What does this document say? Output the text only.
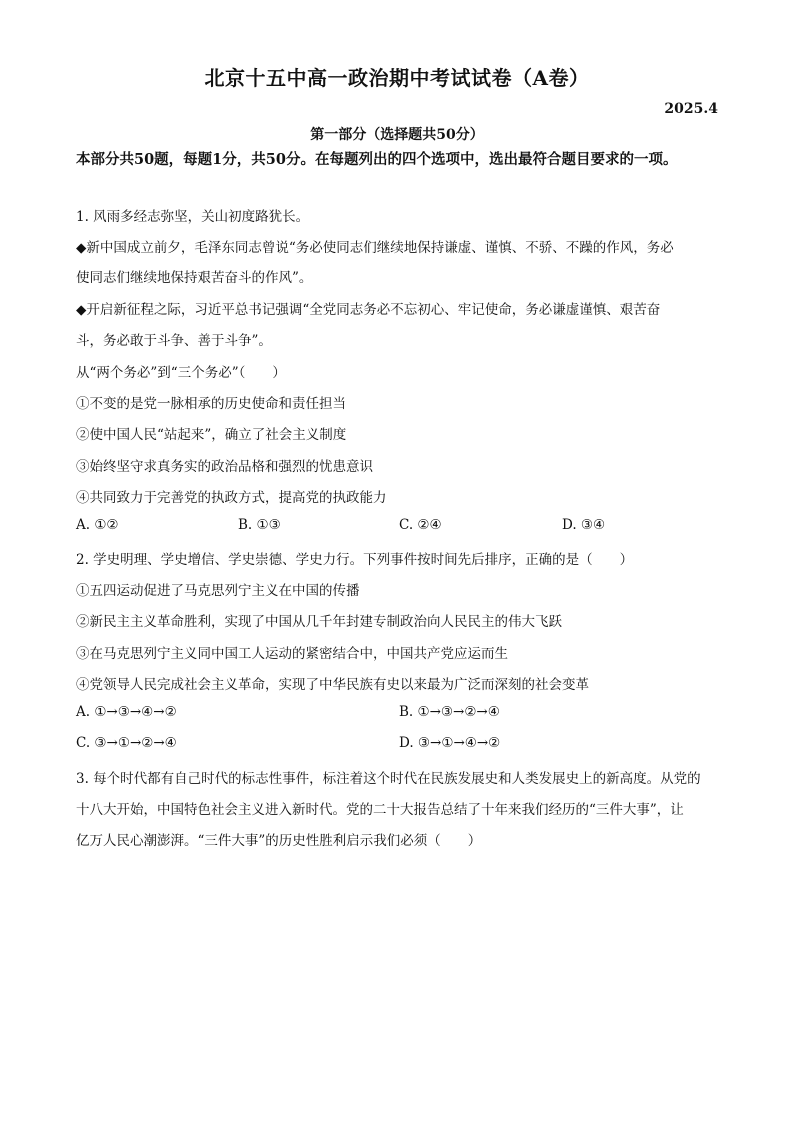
北京十五中高一政治期中考试试卷（A卷）
2025.4
第一部分（选择题共50分）
本部分共50题，每题1分，共50分。在每题列出的四个选项中，选出最符合题目要求的一项。
1. 风雨多经志弥坚，关山初度路犹长。
◆新中国成立前夕，毛泽东同志曾说“务必使同志们继续地保持谦虚、谨慎、不骄、不躁的作风，务必
使同志们继续地保持艰苦奋斗的作风”。
◆开启新征程之际，习近平总书记强调“全党同志务必不忘初心、牢记使命，务必谦虚谨慎、艰苦奋
斗，务必敢于斗争、善于斗争”。
从“两个务必”到“三个务必”（　　）
①不变的是党一脉相承的历史使命和责任担当
②使中国人民“站起来”，确立了社会主义制度
③始终坚守求真务实的政治品格和强烈的忧患意识
④共同致力于完善党的执政方式，提高党的执政能力
A. ①②	B. ①③	C. ②④	D. ③④
2. 学史明理、学史增信、学史崇德、学史力行。下列事件按时间先后排序，正确的是（　　）
①五四运动促进了马克思列宁主义在中国的传播
②新民主主义革命胜利，实现了中国从几千年封建专制政治向人民民主的伟大飞跃
③在马克思列宁主义同中国工人运动的紧密结合中，中国共产党应运而生
④党领导人民完成社会主义革命，实现了中华民族有史以来最为广泛而深刻的社会变革
A. ①→③→④→②	B. ①→③→②→④
C. ③→①→②→④	D. ③→①→④→②
3. 每个时代都有自己时代的标志性事件，标注着这个时代在民族发展史和人类发展史上的新高度。从党的
十八大开始，中国特色社会主义进入新时代。党的二十大报告总结了十年来我们经历的“三件大事”，让
亿万人民心潮澎湃。“三件大事”的历史性胜利启示我们必须（　　）
